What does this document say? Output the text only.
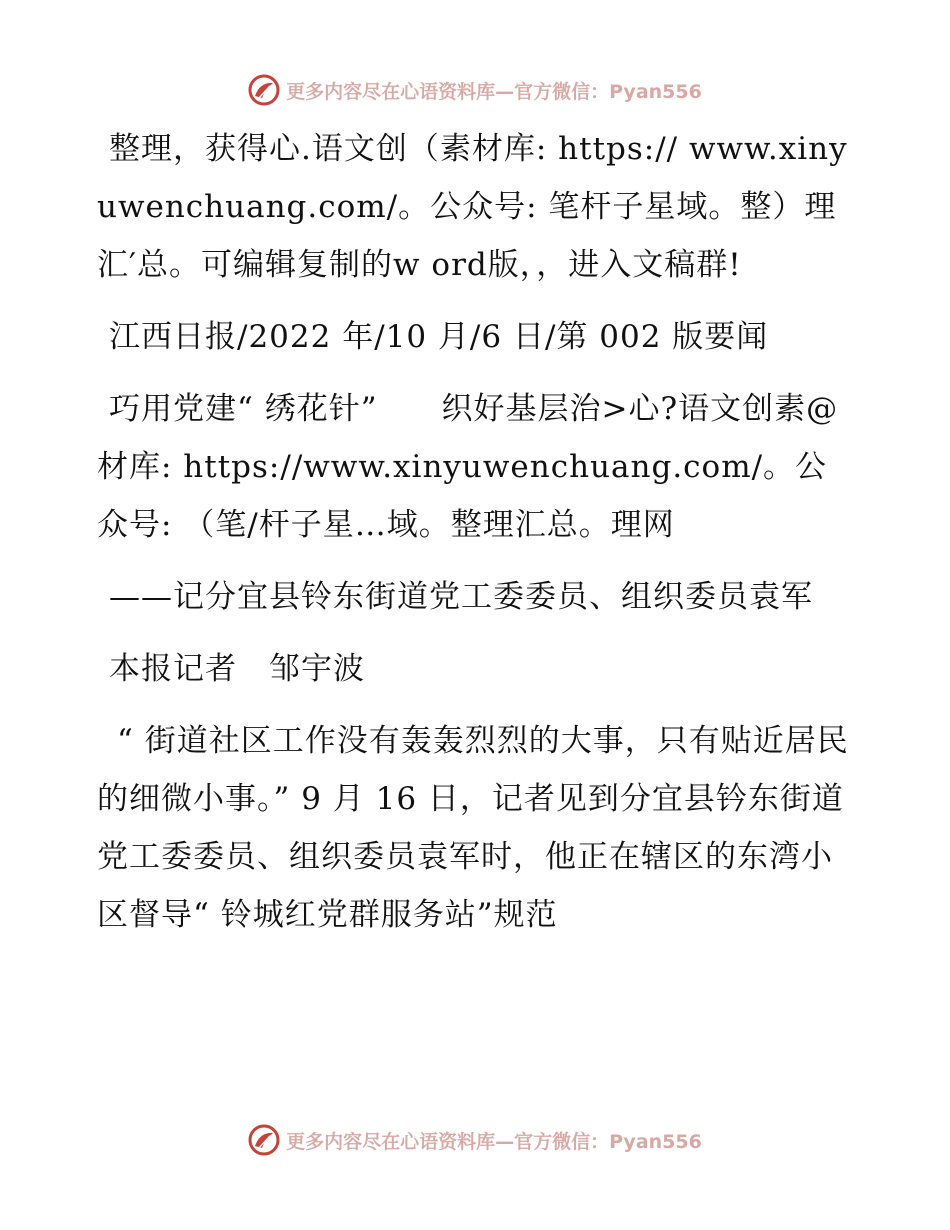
更多内容尽在心语资料库—官方微信：Pyan556

整理，获得心.语文创（素材库: https:// www.xinyuwenchuang.com/。公众号: 笔杆子星域。整）理汇′总。可编辑复制的w ord版，，进入文稿群!

江西日报/2022 年/10 月/6 日/第 002 版要闻

巧用党建“ 绣花针”　　织好基层治>心?语文创素@材库: https://www.xinyuwenchuang.com/。公众号: （笔/杆子星…域。整理汇总。理网

——记分宜县铃东街道党工委委员、组织委员袁军

本报记者　邹宇波

“ 街道社区工作没有轰轰烈烈的大事，只有贴近居民的细微小事。” 9 月 16 日，记者见到分宜县钤东街道党工委委员、组织委员袁军时，他正在辖区的东湾小区督导“ 铃城红党群服务站”规范

更多内容尽在心语资料库—官方微信：Pyan556
